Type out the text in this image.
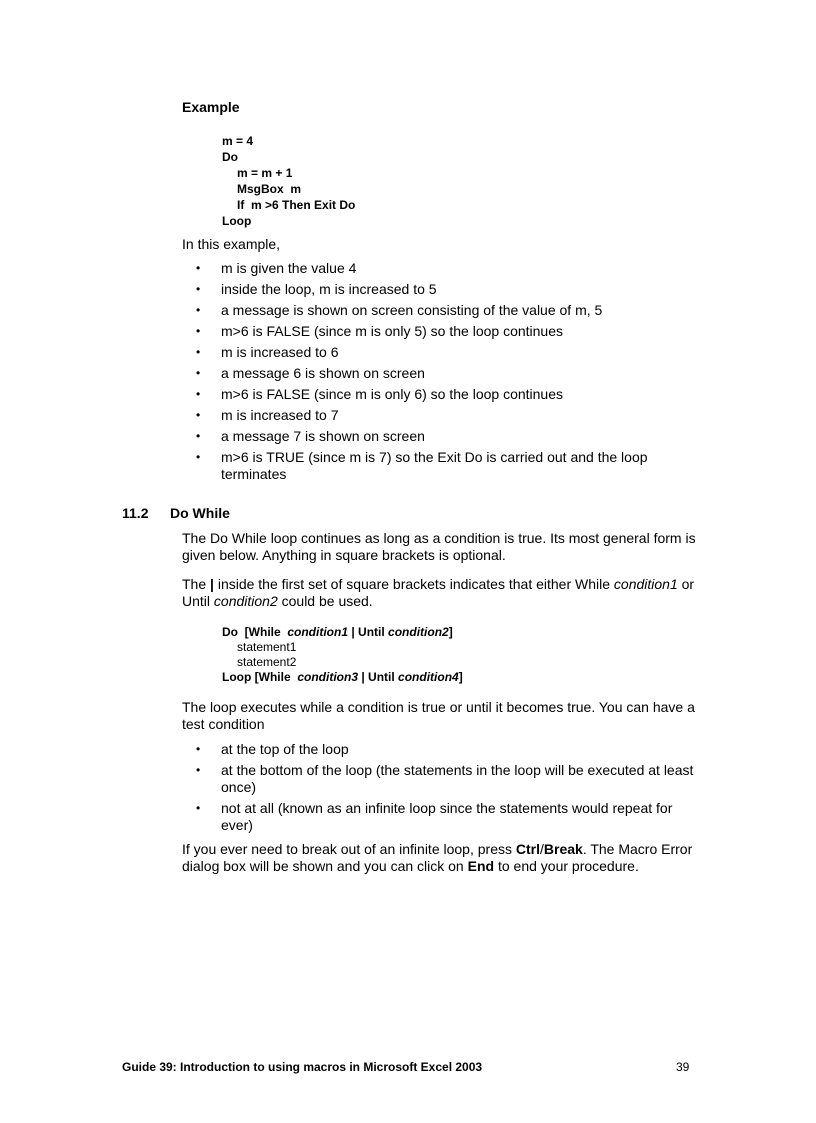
Example
m = 4
Do
m = m + 1
MsgBox  m
If  m >6 Then Exit Do
Loop
In this example,
• m is given the value 4
• inside the loop, m is increased to 5
• a message is shown on screen consisting of the value of m, 5
• m>6 is FALSE (since m is only 5) so the loop continues
• m is increased to 6
• a message 6 is shown on screen
• m>6 is FALSE (since m is only 6) so the loop continues
• m is increased to 7
• a message 7 is shown on screen
• m>6 is TRUE (since m is 7) so the Exit Do is carried out and the loop terminates
11.2 Do While
The Do While loop continues as long as a condition is true. Its most general form is given below. Anything in square brackets is optional.
The | inside the first set of square brackets indicates that either While condition1 or Until condition2 could be used.
Do  [While  condition1 | Until condition2]
statement1
statement2
Loop [While  condition3 | Until condition4]
The loop executes while a condition is true or until it becomes true. You can have a test condition
• at the top of the loop
• at the bottom of the loop (the statements in the loop will be executed at least once)
• not at all (known as an infinite loop since the statements would repeat for ever)
If you ever need to break out of an infinite loop, press Ctrl/Break. The Macro Error dialog box will be shown and you can click on End to end your procedure.
Guide 39: Introduction to using macros in Microsoft Excel 2003	39
